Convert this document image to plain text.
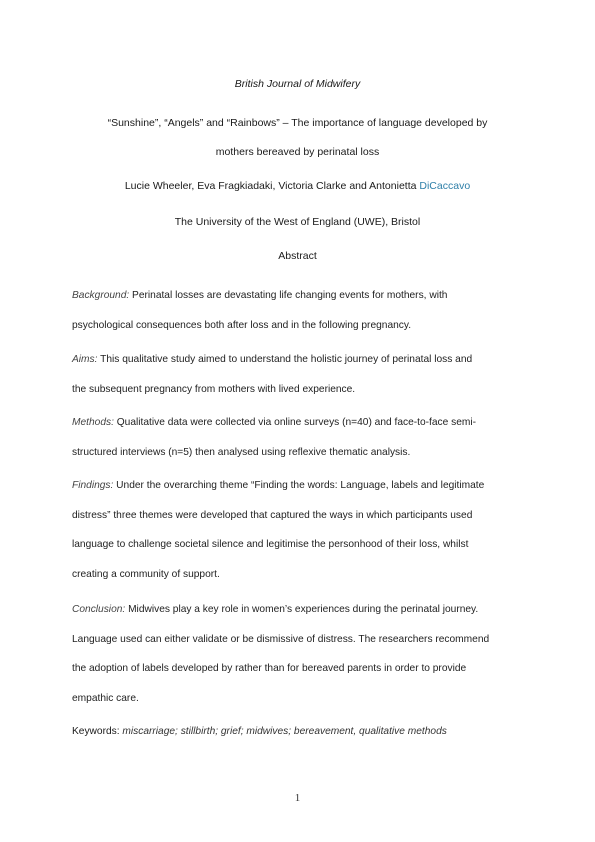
British Journal of Midwifery
“Sunshine”, “Angels” and “Rainbows” – The importance of language developed by
mothers bereaved by perinatal loss
Lucie Wheeler, Eva Fragkiadaki, Victoria Clarke and Antonietta DiCaccavo
The University of the West of England (UWE), Bristol
Abstract
Background: Perinatal losses are devastating life changing events for mothers, with
psychological consequences both after loss and in the following pregnancy.
Aims: This qualitative study aimed to understand the holistic journey of perinatal loss and
the subsequent pregnancy from mothers with lived experience.
Methods: Qualitative data were collected via online surveys (n=40) and face-to-face semi-
structured interviews (n=5) then analysed using reflexive thematic analysis.
Findings: Under the overarching theme “Finding the words: Language, labels and legitimate
distress” three themes were developed that captured the ways in which participants used
language to challenge societal silence and legitimise the personhood of their loss, whilst
creating a community of support.
Conclusion: Midwives play a key role in women’s experiences during the perinatal journey.
Language used can either validate or be dismissive of distress. The researchers recommend
the adoption of labels developed by rather than for bereaved parents in order to provide
empathic care.
Keywords: miscarriage; stillbirth; grief; midwives; bereavement, qualitative methods
1
